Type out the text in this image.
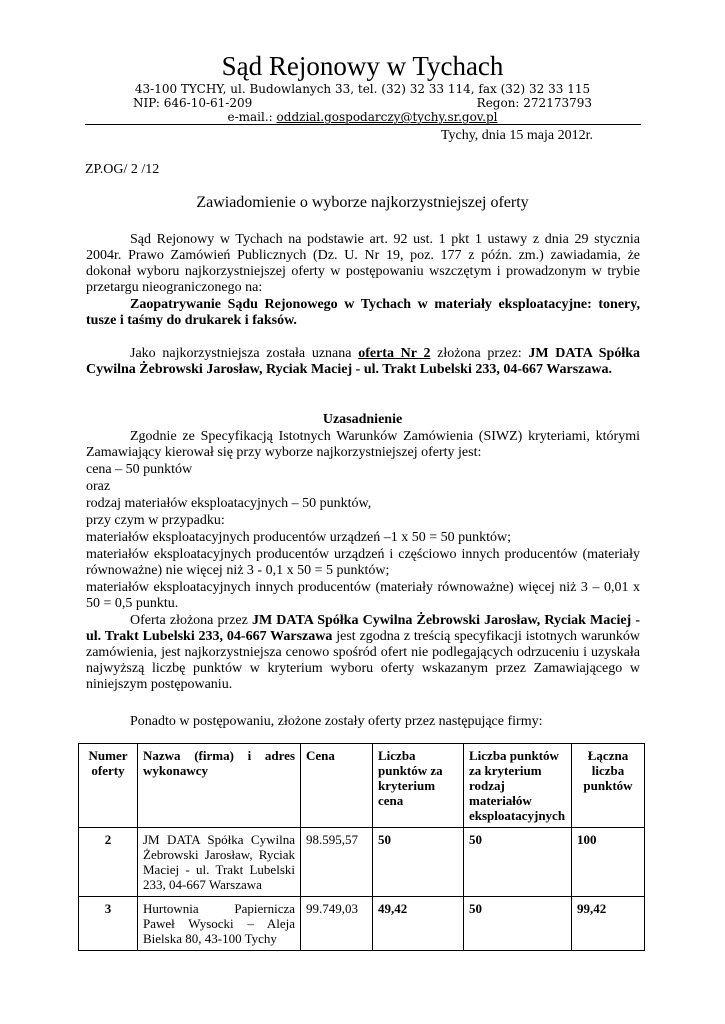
Sąd Rejonowy w Tychach
43-100 TYCHY, ul. Budowlanych 33, tel. (32) 32 33 114, fax (32) 32 33 115
NIP: 646-10-61-209	Regon: 272173793
e-mail.: oddzial.gospodarczy@tychy.sr.gov.pl
Tychy, dnia 15 maja 2012r.
ZP.OG/ 2 /12
Zawiadomienie o wyborze najkorzystniejszej oferty
Sąd Rejonowy w Tychach na podstawie art. 92 ust. 1 pkt 1 ustawy z dnia 29 stycznia 2004r. Prawo Zamówień Publicznych (Dz. U. Nr 19, poz. 177 z późn. zm.) zawiadamia, że dokonał wyboru najkorzystniejszej oferty w postępowaniu wszczętym i prowadzonym w trybie przetargu nieograniczonego na:
Zaopatrywanie Sądu Rejonowego w Tychach w materiały eksploatacyjne: tonery, tusze i taśmy do drukarek i faksów.
Jako najkorzystniejsza została uznana oferta Nr 2 złożona przez: JM DATA Spółka Cywilna Żebrowski Jarosław, Ryciak Maciej - ul. Trakt Lubelski 233, 04-667 Warszawa.
Uzasadnienie
Zgodnie ze Specyfikacją Istotnych Warunków Zamówienia (SIWZ) kryteriami, którymi Zamawiający kierował się przy wyborze najkorzystniejszej oferty jest:
cena – 50 punktów
oraz
rodzaj materiałów eksploatacyjnych – 50 punktów,
przy czym w przypadku:
materiałów eksploatacyjnych producentów urządzeń –1 x 50 = 50 punktów;
materiałów eksploatacyjnych producentów urządzeń i częściowo innych producentów (materiały równoważne) nie więcej niż 3 - 0,1 x 50 = 5 punktów;
materiałów eksploatacyjnych innych producentów (materiały równoważne) więcej niż 3 – 0,01 x 50 = 0,5 punktu.
Oferta złożona przez JM DATA Spółka Cywilna Żebrowski Jarosław, Ryciak Maciej - ul. Trakt Lubelski 233, 04-667 Warszawa jest zgodna z treścią specyfikacji istotnych warunków zamówienia, jest najkorzystniejsza cenowo spośród ofert nie podlegających odrzuceniu i uzyskała najwyższą liczbę punktów w kryterium wyboru oferty wskazanym przez Zamawiającego w niniejszym postępowaniu.
Ponadto w postępowaniu, złożone zostały oferty przez następujące firmy:
Numer oferty	Nazwa (firma) i adres wykonawcy	Cena	Liczba punktów za kryterium cena	Liczba punktów za kryterium rodzaj materiałów eksploatacyjnych	Łączna liczba punktów
2	JM DATA Spółka Cywilna Żebrowski Jarosław, Ryciak Maciej - ul. Trakt Lubelski 233, 04-667 Warszawa	98.595,57	50	50	100
3	Hurtownia Papiernicza Paweł Wysocki – Aleja Bielska 80, 43-100 Tychy	99.749,03	49,42	50	99,42
